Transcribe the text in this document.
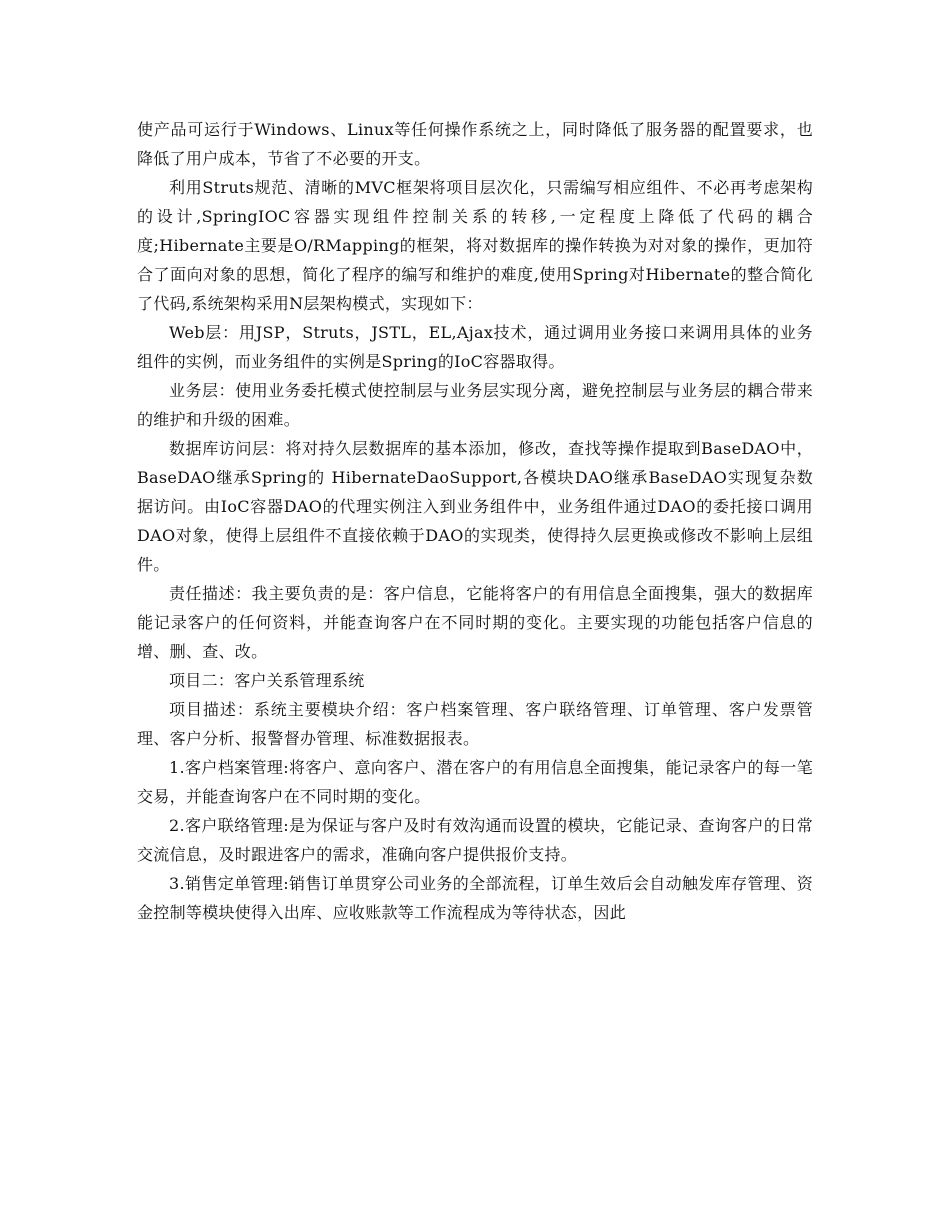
使产品可运行于Windows、Linux等任何操作系统之上，同时降低了服务器的配置要求，也降低了用户成本，节省了不必要的开支。

利用Struts规范、清晰的MVC框架将项目层次化，只需编写相应组件、不必再考虑架构的设计,SpringIOC容器实现组件控制关系的转移,一定程度上降低了代码的耦合度;Hibernate主要是O/RMapping的框架，将对数据库的操作转换为对对象的操作，更加符合了面向对象的思想，简化了程序的编写和维护的难度,使用Spring对Hibernate的整合简化了代码,系统架构采用N层架构模式，实现如下：

Web层：用JSP，Struts，JSTL，EL,Ajax技术，通过调用业务接口来调用具体的业务组件的实例，而业务组件的实例是Spring的IoC容器取得。

业务层：使用业务委托模式使控制层与业务层实现分离，避免控制层与业务层的耦合带来的维护和升级的困难。

数据库访问层：将对持久层数据库的基本添加，修改，查找等操作提取到BaseDAO中，BaseDAO继承Spring的 HibernateDaoSupport,各模块DAO继承BaseDAO实现复杂数据访问。由IoC容器DAO的代理实例注入到业务组件中，业务组件通过DAO的委托接口调用DAO对象，使得上层组件不直接依赖于DAO的实现类，使得持久层更换或修改不影响上层组件。

责任描述：我主要负责的是：客户信息，它能将客户的有用信息全面搜集，强大的数据库能记录客户的任何资料，并能查询客户在不同时期的变化。主要实现的功能包括客户信息的增、删、查、改。

项目二：客户关系管理系统

项目描述：系统主要模块介绍：客户档案管理、客户联络管理、订单管理、客户发票管理、客户分析、报警督办管理、标准数据报表。

1.客户档案管理:将客户、意向客户、潜在客户的有用信息全面搜集，能记录客户的每一笔交易，并能查询客户在不同时期的变化。

2.客户联络管理:是为保证与客户及时有效沟通而设置的模块，它能记录、查询客户的日常交流信息，及时跟进客户的需求，准确向客户提供报价支持。

3.销售定单管理:销售订单贯穿公司业务的全部流程，订单生效后会自动触发库存管理、资金控制等模块使得入出库、应收账款等工作流程成为等待状态，因此
